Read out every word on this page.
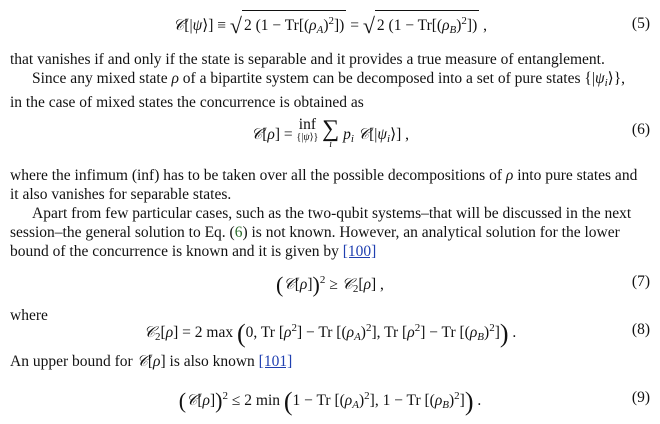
𝒞[|ψ⟩] ≡ √ 2 $(1 - Tr[(\rho_A)^2])$ = √ 2 $(1 - Tr[(\rho_B)^2])$ ,	(5)
that vanishes if and only if the state is separable and it provides a true measure of entanglement.
Since any mixed state ρ of a bipartite system can be decomposed into a set of pure states $\{|\psi_i⟩\}$,
in the case of mixed states the concurrence is obtained as
𝒞[ρ] = inf
{|ψ⟩}
∑
i
$p_i$ $𝒞[|\psi_i⟩]$ ,	(6)
where the infimum (inf) has to be taken over all the possible decompositions of ρ into pure states and
it also vanishes for separable states.
Apart from few particular cases, such as the two-qubit systems–that will be discussed in the next
session–the general solution to Eq. (6) is not known. However, an analytical solution for the lower
bound of the concurrence is known and it is given by [100]
(𝒞[ρ])$^2$ ≥ 𝒞$_2$[ρ] ,	(7)
where
𝒞$_2$[ρ] = 2 max (0, Tr $[\rho^2] - Tr$ $[(\rho_A)^2]$, Tr $[\rho^2] - Tr$ $[(\rho_B)^2]$) .	(8)
An upper bound for 𝒞[ρ] is also known [101]
(𝒞[ρ])$^2$ ≤ 2 min (1 − Tr $[(\rho_A)^2]$, 1 − Tr $[(\rho_B)^2]$) .	(9)
